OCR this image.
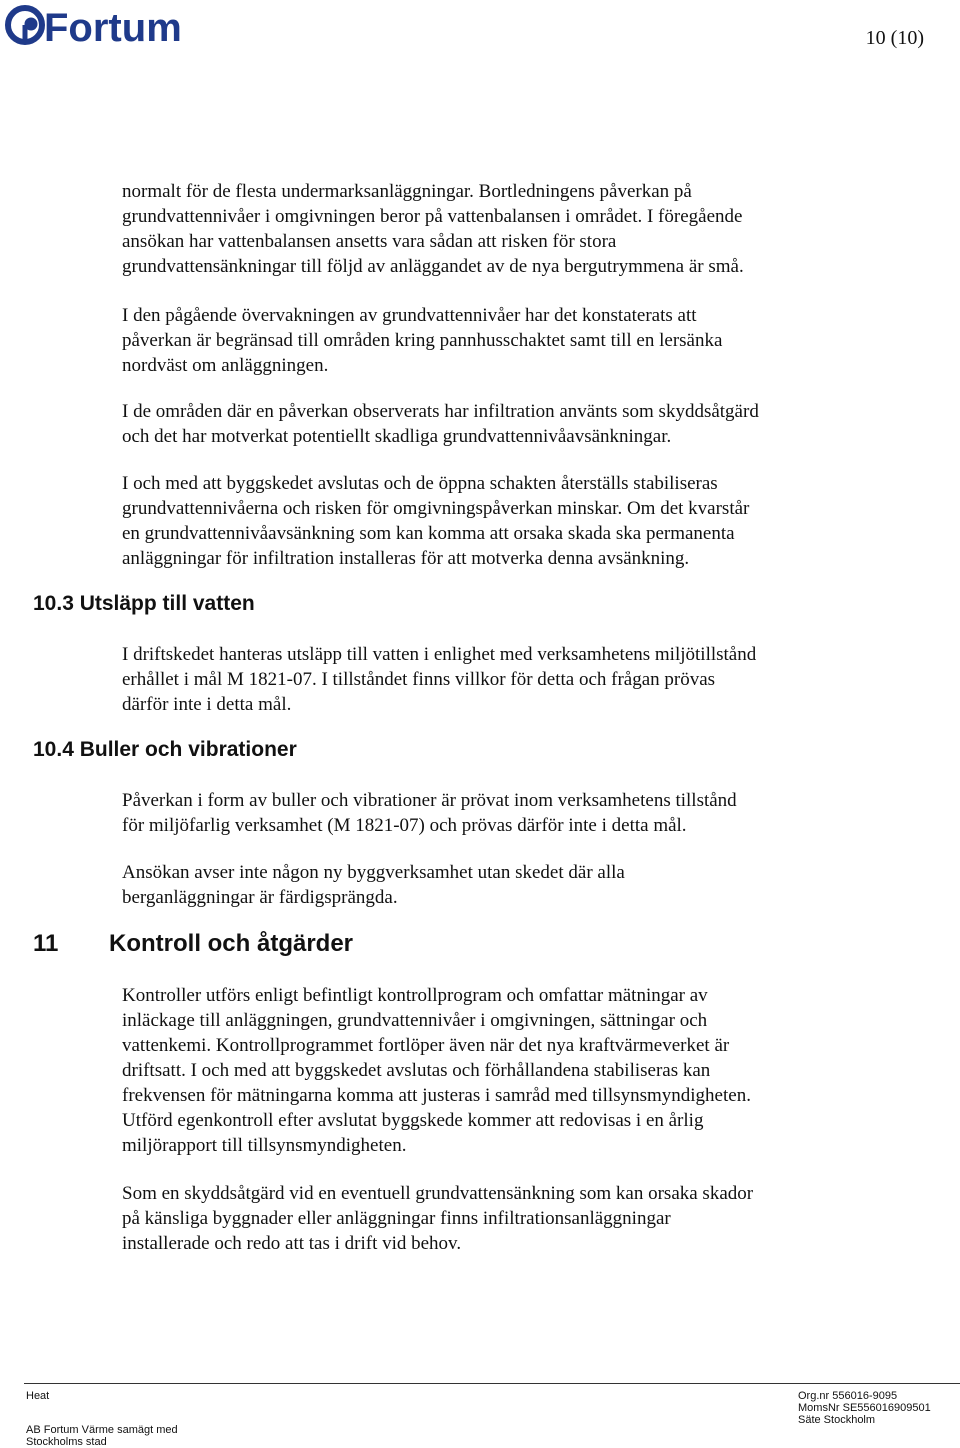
Fortum	10 (10)

normalt för de flesta undermarksanläggningar. Bortledningens påverkan på
grundvattennivåer i omgivningen beror på vattenbalansen i området. I föregående
ansökan har vattenbalansen ansetts vara sådan att risken för stora
grundvattensänkningar till följd av anläggandet av de nya bergutrymmena är små.

I den pågående övervakningen av grundvattennivåer har det konstaterats att
påverkan är begränsad till områden kring pannhusschaktet samt till en lersänka
nordväst om anläggningen.

I de områden där en påverkan observerats har infiltration använts som skyddsåtgärd
och det har motverkat potentiellt skadliga grundvattennivåavsänkningar.

I och med att byggskedet avslutas och de öppna schakten återställs stabiliseras
grundvattennivåerna och risken för omgivningspåverkan minskar. Om det kvarstår
en grundvattennivåavsänkning som kan komma att orsaka skada ska permanenta
anläggningar för infiltration installeras för att motverka denna avsänkning.

10.3 Utsläpp till vatten

I driftskedet hanteras utsläpp till vatten i enlighet med verksamhetens miljötillstånd
erhållet i mål M 1821-07. I tillståndet finns villkor för detta och frågan prövas
därför inte i detta mål.

10.4 Buller och vibrationer

Påverkan i form av buller och vibrationer är prövat inom verksamhetens tillstånd
för miljöfarlig verksamhet (M 1821-07) och prövas därför inte i detta mål.

Ansökan avser inte någon ny byggverksamhet utan skedet där alla
berganläggningar är färdigsprängda.

11 Kontroll och åtgärder

Kontroller utförs enligt befintligt kontrollprogram och omfattar mätningar av
inläckage till anläggningen, grundvattennivåer i omgivningen, sättningar och
vattenkemi. Kontrollprogrammet fortlöper även när det nya kraftvärmeverket är
driftsatt. I och med att byggskedet avslutas och förhållandena stabiliseras kan
frekvensen för mätningarna komma att justeras i samråd med tillsynsmyndigheten.
Utförd egenkontroll efter avslutat byggskede kommer att redovisas i en årlig
miljörapport till tillsynsmyndigheten.

Som en skyddsåtgärd vid en eventuell grundvattensänkning som kan orsaka skador
på känsliga byggnader eller anläggningar finns infiltrationsanläggningar
installerade och redo att tas i drift vid behov.

Heat
AB Fortum Värme samägt med
Stockholms stad
Org.nr 556016-9095
MomsNr SE556016909501
Säte Stockholm
